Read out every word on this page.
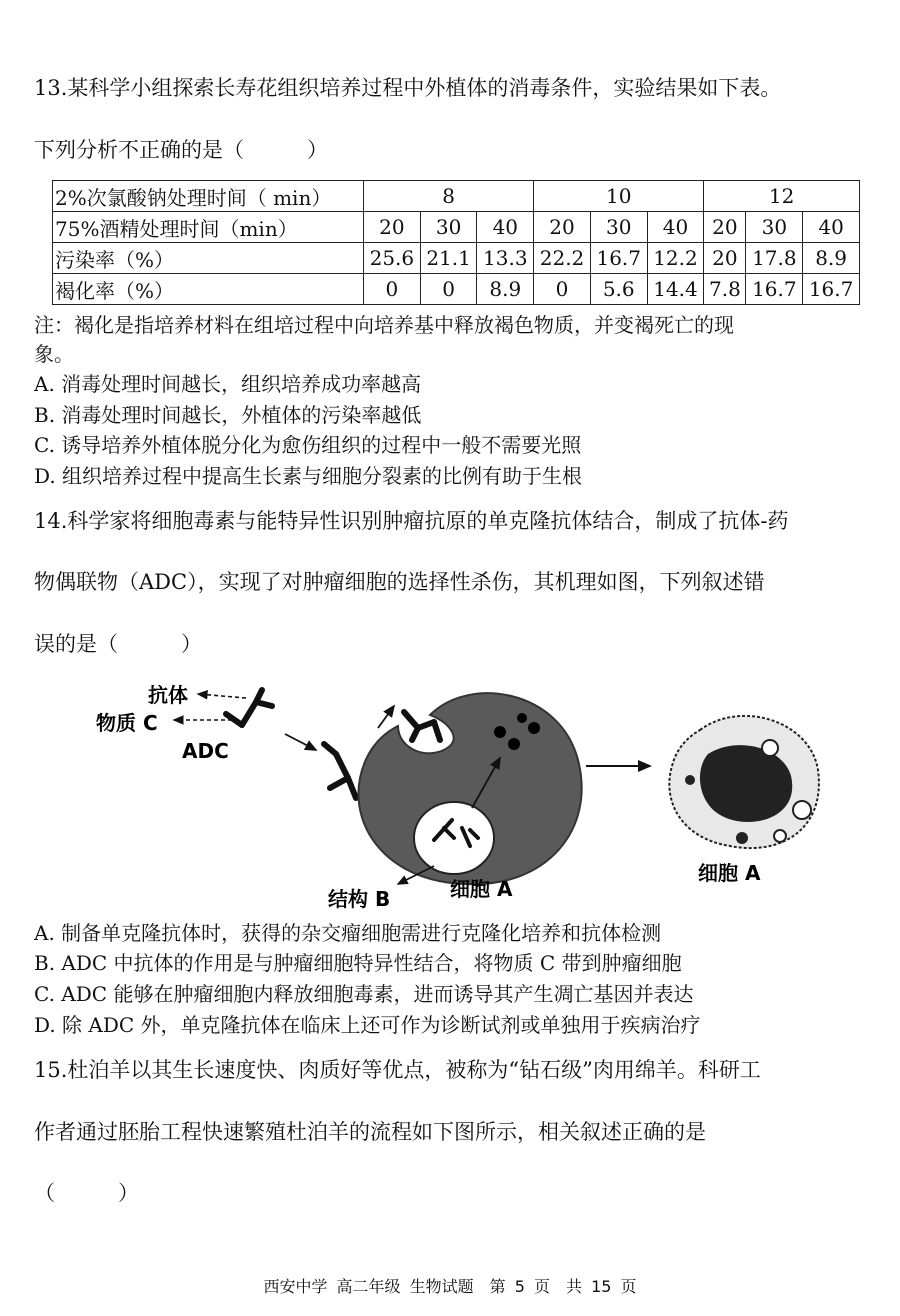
13.某科学小组探索长寿花组织培养过程中外植体的消毒条件，实验结果如下表。
下列分析不正确的是（　　　）
2%次氯酸钠处理时间（ min）	8			10			12		
75%酒精处理时间（min）	20	30	40	20	30	40	20	30	40
污染率（%）	25.6	21.1	13.3	22.2	16.7	12.2	20	17.8	8.9
褐化率（%）	0	0	8.9	0	5.6	14.4	7.8	16.7	16.7
注：褐化是指培养材料在组培过程中向培养基中释放褐色物质，并变褐死亡的现
象。
A. 消毒处理时间越长，组织培养成功率越高
B. 消毒处理时间越长，外植体的污染率越低
C. 诱导培养外植体脱分化为愈伤组织的过程中一般不需要光照
D. 组织培养过程中提高生长素与细胞分裂素的比例有助于生根
14.科学家将细胞毒素与能特异性识别肿瘤抗原的单克隆抗体结合，制成了抗体-药
物偶联物（ADC），实现了对肿瘤细胞的选择性杀伤，其机理如图，下列叙述错
误的是（　　　）
抗体
物质 C
ADC
结构 B	细胞 A
细胞 A
A. 制备单克隆抗体时，获得的杂交瘤细胞需进行克隆化培养和抗体检测
B. ADC 中抗体的作用是与肿瘤细胞特异性结合，将物质 C 带到肿瘤细胞
C. ADC 能够在肿瘤细胞内释放细胞毒素，进而诱导其产生凋亡基因并表达
D. 除 ADC 外，单克隆抗体在临床上还可作为诊断试剂或单独用于疾病治疗
15.杜泊羊以其生长速度快、肉质好等优点，被称为“钻石级”肉用绵羊。科研工
作者通过胚胎工程快速繁殖杜泊羊的流程如下图所示，相关叙述正确的是
（　　　）
西安中学 高二年级 生物试题　第 5 页　共 15 页
